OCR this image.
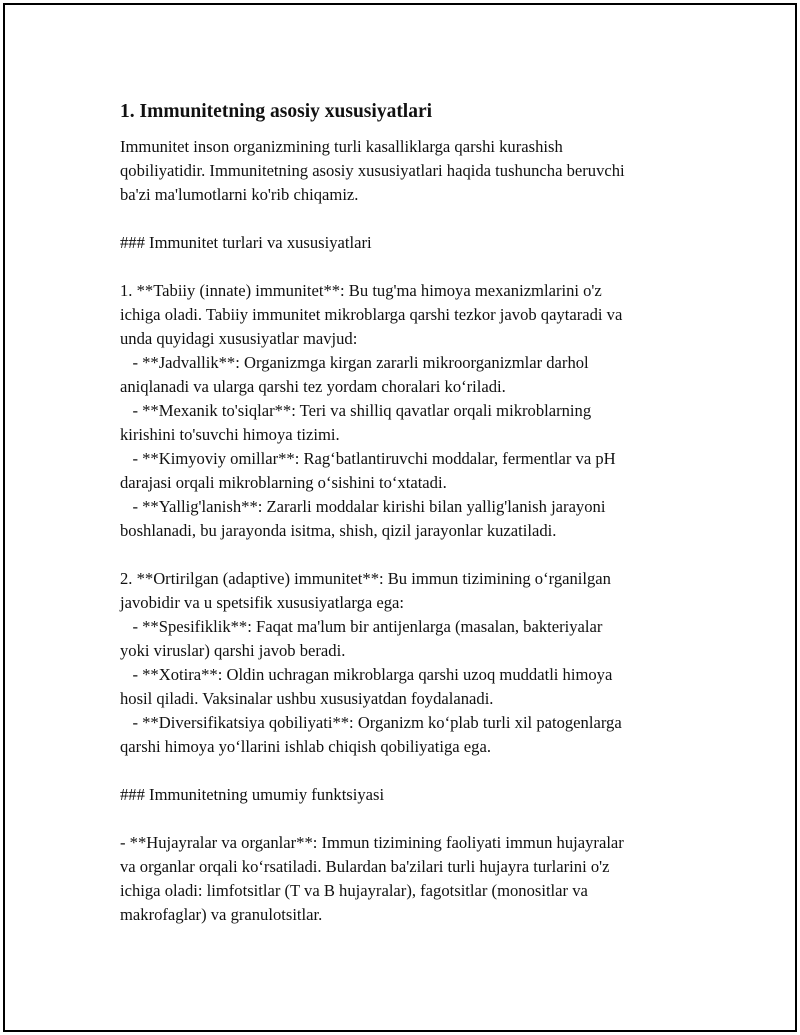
1. Immunitetning asosiy xususiyatlari

Immunitet inson organizmining turli kasalliklarga qarshi kurashish
qobiliyatidir. Immunitetning asosiy xususiyatlari haqida tushuncha beruvchi
ba'zi ma'lumotlarni ko'rib chiqamiz.

### Immunitet turlari va xususiyatlari

1. **Tabiiy (innate) immunitet**: Bu tug'ma himoya mexanizmlarini o'z
ichiga oladi. Tabiiy immunitet mikroblarga qarshi tezkor javob qaytaradi va
unda quyidagi xususiyatlar mavjud:
- **Jadvallik**: Organizmga kirgan zararli mikroorganizmlar darhol
aniqlanadi va ularga qarshi tez yordam choralari ko‘riladi.
- **Mexanik to'siqlar**: Teri va shilliq qavatlar orqali mikroblarning
kirishini to'suvchi himoya tizimi.
- **Kimyoviy omillar**: Rag‘batlantiruvchi moddalar, fermentlar va pH
darajasi orqali mikroblarning o‘sishini to‘xtatadi.
- **Yallig'lanish**: Zararli moddalar kirishi bilan yallig'lanish jarayoni
boshlanadi, bu jarayonda isitma, shish, qizil jarayonlar kuzatiladi.

2. **Ortirilgan (adaptive) immunitet**: Bu immun tizimining o‘rganilgan
javobidir va u spetsifik xususiyatlarga ega:
- **Spesifiklik**: Faqat ma'lum bir antijenlarga (masalan, bakteriyalar
yoki viruslar) qarshi javob beradi.
- **Xotira**: Oldin uchragan mikroblarga qarshi uzoq muddatli himoya
hosil qiladi. Vaksinalar ushbu xususiyatdan foydalanadi.
- **Diversifikatsiya qobiliyati**: Organizm ko‘plab turli xil patogenlarga
qarshi himoya yo‘llarini ishlab chiqish qobiliyatiga ega.

### Immunitetning umumiy funktsiyasi

- **Hujayralar va organlar**: Immun tizimining faoliyati immun hujayralar
va organlar orqali ko‘rsatiladi. Bulardan ba'zilari turli hujayra turlarini o'z
ichiga oladi: limfotsitlar (T va B hujayralar), fagotsitlar (monositlar va
makrofaglar) va granulotsitlar.
